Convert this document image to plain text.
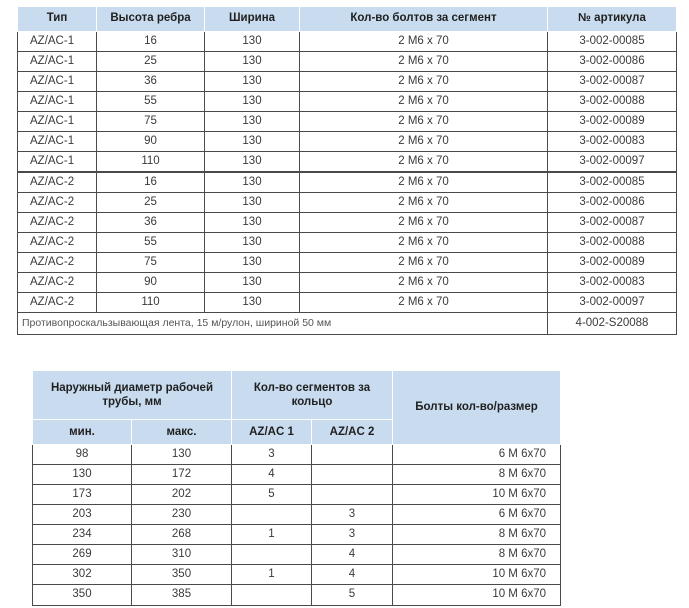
Тип	Высота ребра	Ширина	Кол-во болтов за сегмент	№ артикула
AZ/AC-1	16	130	2 M6 x 70	3-002-00085
AZ/AC-1	25	130	2 M6 x 70	3-002-00086
AZ/AC-1	36	130	2 M6 x 70	3-002-00087
AZ/AC-1	55	130	2 M6 x 70	3-002-00088
AZ/AC-1	75	130	2 M6 x 70	3-002-00089
AZ/AC-1	90	130	2 M6 x 70	3-002-00083
AZ/AC-1	110	130	2 M6 x 70	3-002-00097
AZ/AC-2	16	130	2 M6 x 70	3-002-00085
AZ/AC-2	25	130	2 M6 x 70	3-002-00086
AZ/AC-2	36	130	2 M6 x 70	3-002-00087
AZ/AC-2	55	130	2 M6 x 70	3-002-00088
AZ/AC-2	75	130	2 M6 x 70	3-002-00089
AZ/AC-2	90	130	2 M6 x 70	3-002-00083
AZ/AC-2	110	130	2 M6 x 70	3-002-00097
Противопроскальзывающая лента, 15 м/рулон, шириной 50 мм				4-002-S20088
Наружный диаметр рабочей трубы, мм		Кол-во сегментов за кольцо		Болты кол-во/размер
мин.	макс.	AZ/AC 1	AZ/AC 2	
98	130	3		6 M 6x70
130	172	4		8 M 6x70
173	202	5		10 M 6x70
203	230		3	6 M 6x70
234	268	1	3	8 M 6x70
269	310		4	8 M 6x70
302	350	1	4	10 M 6x70
350	385		5	10 M 6x70
